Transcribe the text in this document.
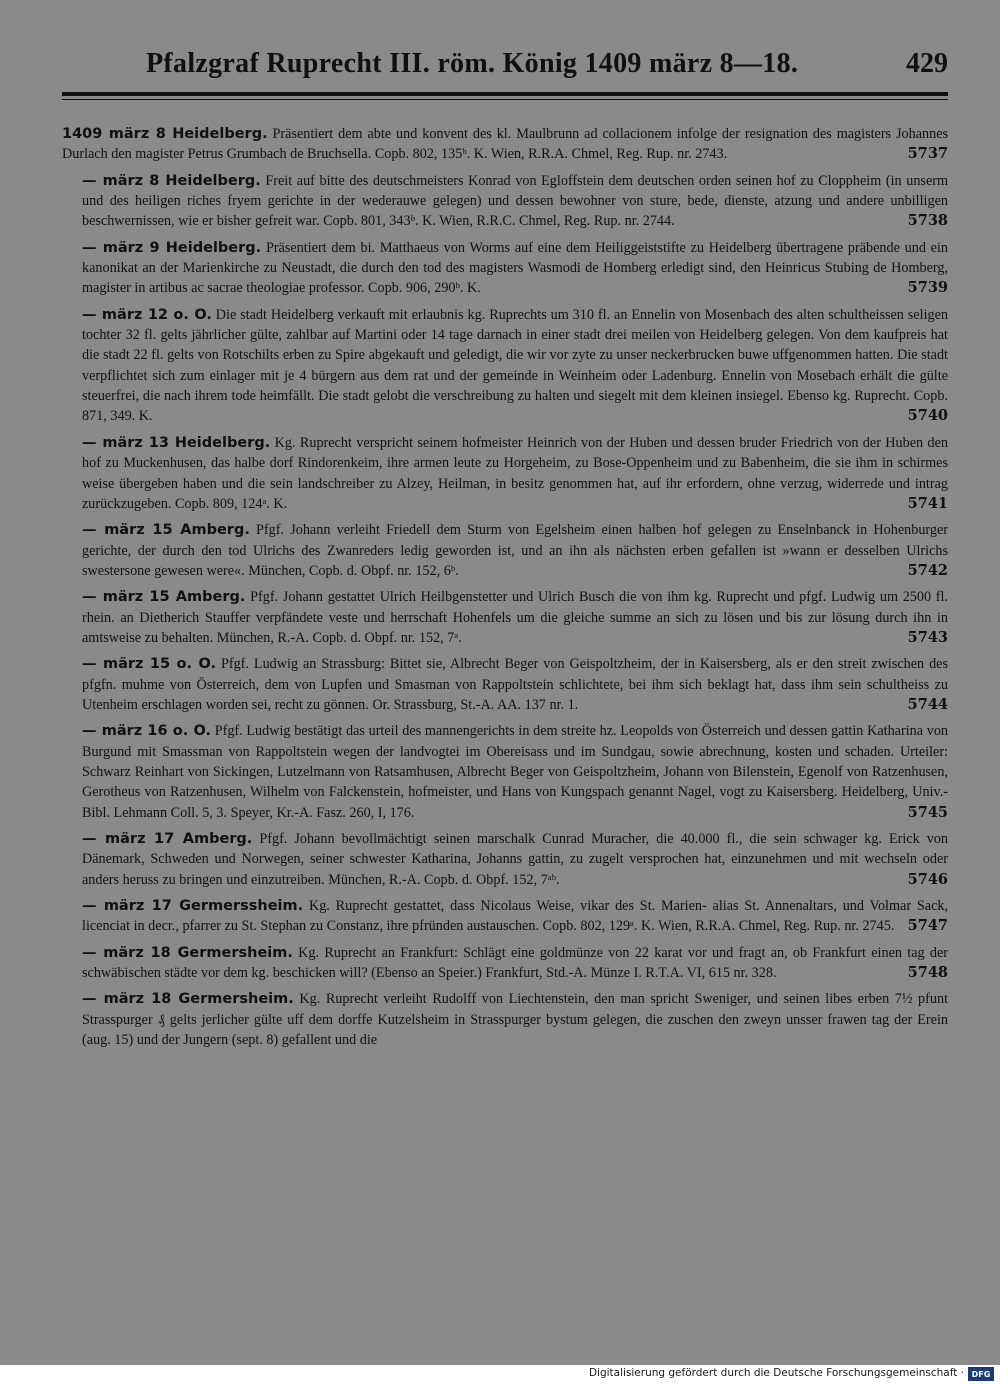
Pfalzgraf Ruprecht III. röm. König 1409 märz 8—18.	429

1409 märz 8 Heidelberg. Präsentiert dem abte und konvent des kl. Maulbrunn ad collacionem infolge der resignation des magisters Johannes Durlach den magister Petrus Grumbach de Bruchsella. Copb. 802, 135ᵇ. K. Wien, R.R.A. Chmel, Reg. Rup. nr. 2743.	5737

— märz 8 Heidelberg. Freit auf bitte des deutschmeisters Konrad von Egloffstein dem deutschen orden seinen hof zu Cloppheim (in unserm und des heiligen riches fryem gerichte in der wederauwe gelegen) und dessen bewohner von sture, bede, dienste, atzung und andere unbilligen beschwernissen, wie er bisher gefreit war. Copb. 801, 343ᵇ. K. Wien, R.R.C. Chmel, Reg. Rup. nr. 2744.	5738

— märz 9 Heidelberg. Präsentiert dem bi. Matthaeus von Worms auf eine dem Heiliggeiststifte zu Heidelberg übertragene präbende und ein kanonikat an der Marienkirche zu Neustadt, die durch den tod des magisters Wasmodi de Homberg erledigt sind, den Heinricus Stubing de Homberg, magister in artibus ac sacrae theologiae professor. Copb. 906, 290ᵇ. K.	5739

— märz 12 o. O. Die stadt Heidelberg verkauft mit erlaubnis kg. Ruprechts um 310 fl. an Ennelin von Mosenbach des alten schultheissen seligen tochter 32 fl. gelts jährlicher gülte, zahlbar auf Martini oder 14 tage darnach in einer stadt drei meilen von Heidelberg gelegen. Von dem kaufpreis hat die stadt 22 fl. gelts von Rotschilts erben zu Spire abgekauft und geledigt, die wir vor zyte zu unser neckerbrucken buwe uffgenommen hatten. Die stadt verpflichtet sich zum einlager mit je 4 bürgern aus dem rat und der gemeinde in Weinheim oder Ladenburg. Ennelin von Mosebach erhält die gülte steuerfrei, die nach ihrem tode heimfällt. Die stadt gelobt die verschreibung zu halten und siegelt mit dem kleinen insiegel. Ebenso kg. Ruprecht. Copb. 871, 349. K.	5740

— märz 13 Heidelberg. Kg. Ruprecht verspricht seinem hofmeister Heinrich von der Huben und dessen bruder Friedrich von der Huben den hof zu Muckenhusen, das halbe dorf Rindorenkeim, ihre armen leute zu Horgeheim, zu Bose-Oppenheim und zu Babenheim, die sie ihm in schirmes weise übergeben haben und die sein landschreiber zu Alzey, Heilman, in besitz genommen hat, auf ihr erfordern, ohne verzug, widerrede und intrag zurückzugeben. Copb. 809, 124ᵃ. K.	5741

— märz 15 Amberg. Pfgf. Johann verleiht Friedell dem Sturm von Egelsheim einen halben hof gelegen zu Enselnbanck in Hohenburger gerichte, der durch den tod Ulrichs des Zwanreders ledig geworden ist, und an ihn als nächsten erben gefallen ist »wann er desselben Ulrichs swestersone gewesen were«. München, Copb. d. Obpf. nr. 152, 6ᵇ.	5742

— märz 15 Amberg. Pfgf. Johann gestattet Ulrich Heilbgenstetter und Ulrich Busch die von ihm kg. Ruprecht und pfgf. Ludwig um 2500 fl. rhein. an Dietherich Stauffer verpfändete veste und herrschaft Hohenfels um die gleiche summe an sich zu lösen und bis zur lösung durch ihn in amtsweise zu behalten. München, R.-A. Copb. d. Obpf. nr. 152, 7ᵃ.	5743

— märz 15 o. O. Pfgf. Ludwig an Strassburg: Bittet sie, Albrecht Beger von Geispoltzheim, der in Kaisersberg, als er den streit zwischen des pfgfn. muhme von Österreich, dem von Lupfen und Smasman von Rappoltstein schlichtete, bei ihm sich beklagt hat, dass ihm sein schultheiss zu Utenheim erschlagen worden sei, recht zu gönnen. Or. Strassburg, St.-A. AA. 137 nr. 1.	5744

— märz 16 o. O. Pfgf. Ludwig bestätigt das urteil des mannengerichts in dem streite hz. Leopolds von Österreich und dessen gattin Katharina von Burgund mit Smassman von Rappoltstein wegen der landvogtei im Obereisass und im Sundgau, sowie abrechnung, kosten und schaden. Urteiler: Schwarz Reinhart von Sickingen, Lutzelmann von Ratsamhusen, Albrecht Beger von Geispoltzheim, Johann von Bilenstein, Egenolf von Ratzenhusen, Gerotheus von Ratzenhusen, Wilhelm von Falckenstein, hofmeister, und Hans von Kungspach genannt Nagel, vogt zu Kaisersberg. Heidelberg, Univ.-Bibl. Lehmann Coll. 5, 3. Speyer, Kr.-A. Fasz. 260, I, 176.	5745

— märz 17 Amberg. Pfgf. Johann bevollmächtigt seinen marschalk Cunrad Muracher, die 40.000 fl., die sein schwager kg. Erick von Dänemark, Schweden und Norwegen, seiner schwester Katharina, Johanns gattin, zu zugelt versprochen hat, einzunehmen und mit wechseln oder anders heruss zu bringen und einzutreiben. München, R.-A. Copb. d. Obpf. 152, 7ᵃᵇ.	5746

— märz 17 Germerssheim. Kg. Ruprecht gestattet, dass Nicolaus Weise, vikar des St. Marien- alias St. Annenaltars, und Volmar Sack, licenciat in decr., pfarrer zu St. Stephan zu Constanz, ihre pfründen austauschen. Copb. 802, 129ᵃ. K. Wien, R.R.A. Chmel, Reg. Rup. nr. 2745. 5747

— märz 18 Germersheim. Kg. Ruprecht an Frankfurt: Schlägt eine goldmünze von 22 karat vor und fragt an, ob Frankfurt einen tag der schwäbischen städte vor dem kg. beschicken will? (Ebenso an Speier.) Frankfurt, Std.-A. Münze I. R.T.A. VI, 615 nr. 328.	5748

— märz 18 Germersheim. Kg. Ruprecht verleiht Rudolff von Liechtenstein, den man spricht Sweniger, und seinen libes erben 7½ pfunt Strasspurger ₰ gelts jerlicher gülte uff dem dorffe Kutzelsheim in Strasspurger bystum gelegen, die zuschen den zweyn unsser frawen tag der Erein (aug. 15) und der Jungern (sept. 8) gefallent und die

Digitalisierung gefördert durch die Deutsche Forschungsgemeinschaft · DFG
